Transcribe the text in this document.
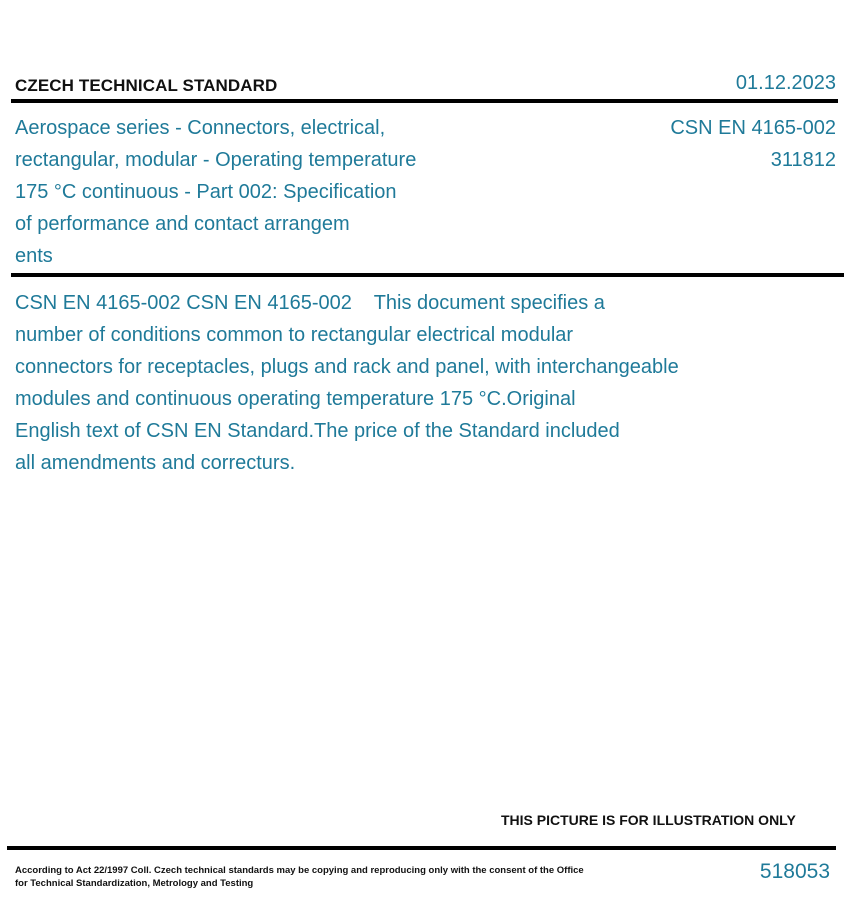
CZECH TECHNICAL STANDARD	01.12.2023
Aerospace series - Connectors, electrical,
rectangular, modular - Operating temperature
175 °C continuous - Part 002: Specification
of performance and contact arrangem
ents
CSN EN 4165-002
311812
CSN EN 4165-002 CSN EN 4165-002    This document specifies a
number of conditions common to rectangular electrical modular
connectors for receptacles, plugs and rack and panel, with interchangeable
modules and continuous operating temperature 175 °C.Original
English text of CSN EN Standard.The price of the Standard included
all amendments and correcturs.
THIS PICTURE IS FOR ILLUSTRATION ONLY
According to Act 22/1997 Coll. Czech technical standards may be copying and reproducing only with the consent of the Office
for Technical Standardization, Metrology and Testing
518053
